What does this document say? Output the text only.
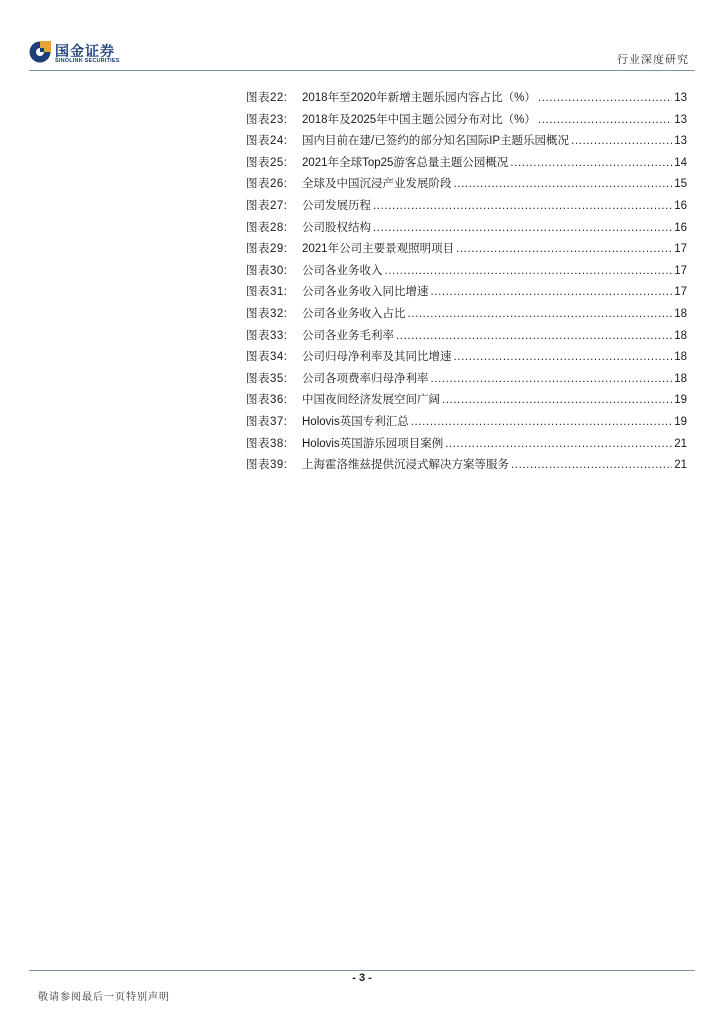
国金证券
SINOLINK SECURITIES	行业深度研究
图表22:	2018年至2020年新增主题乐园内容占比（%） .....	13
图表23:	2018年及2025年中国主题公园分布对比（%） .....	13
图表24:	国内目前在建/已签约的部分知名国际IP主题乐园概况 .....	13
图表25:	2021年全球Top25游客总量主题公园概况 .....	14
图表26:	全球及中国沉浸产业发展阶段 .....	15
图表27:	公司发展历程 .....	16
图表28:	公司股权结构 .....	16
图表29:	2021年公司主要景观照明项目 .....	17
图表30:	公司各业务收入 .....	17
图表31:	公司各业务收入同比增速 .....	17
图表32:	公司各业务收入占比 .....	18
图表33:	公司各业务毛利率 .....	18
图表34:	公司归母净利率及其同比增速 .....	18
图表35:	公司各项费率归母净利率 .....	18
图表36:	中国夜间经济发展空间广阔 .....	19
图表37:	Holovis英国专利汇总 .....	19
图表38:	Holovis英国游乐园项目案例 .....	21
图表39:	上海霍洛维兹提供沉浸式解决方案等服务 .....	21
- 3 -
敬请参阅最后一页特别声明
